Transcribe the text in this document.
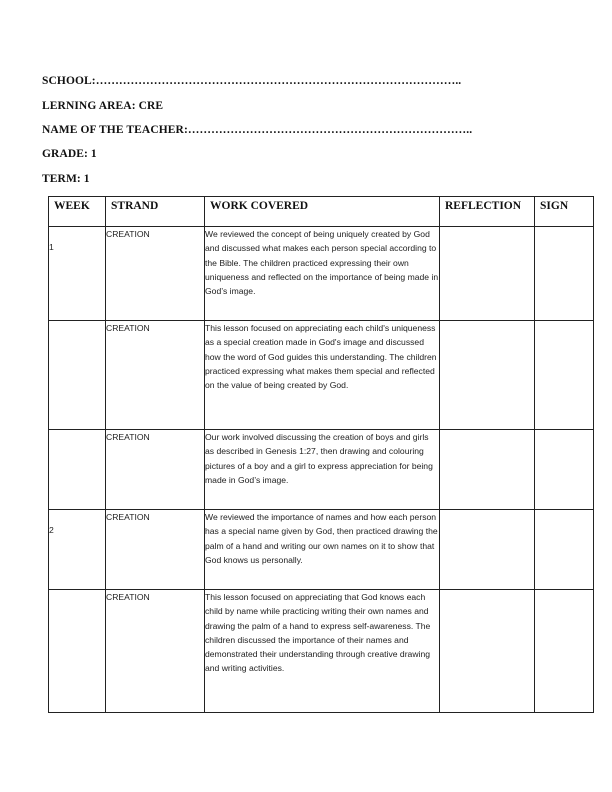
SCHOOL:…………………………………………………………………………………..
LERNING AREA: CRE
NAME OF THE TEACHER:………………………………………………………………..
GRADE: 1
TERM: 1
WEEK	STRAND	WORK COVERED	REFLECTION	SIGN

1	CREATION	We reviewed the concept of being uniquely created by God and discussed what makes each person special according to the Bible. The children practiced expressing their own uniqueness and reflected on the importance of being made in God’s image.		

	CREATION	This lesson focused on appreciating each child's uniqueness as a special creation made in God's image and discussed how the word of God guides this understanding. The children practiced expressing what makes them special and reflected on the value of being created by God.		

	CREATION	Our work involved discussing the creation of boys and girls as described in Genesis 1:27, then drawing and colouring pictures of a boy and a girl to express appreciation for being made in God’s image.		

2	CREATION	We reviewed the importance of names and how each person has a special name given by God, then practiced drawing the palm of a hand and writing our own names on it to show that God knows us personally.		

	CREATION	This lesson focused on appreciating that God knows each child by name while practicing writing their own names and drawing the palm of a hand to express self-awareness. The children discussed the importance of their names and demonstrated their understanding through creative drawing and writing activities.		
